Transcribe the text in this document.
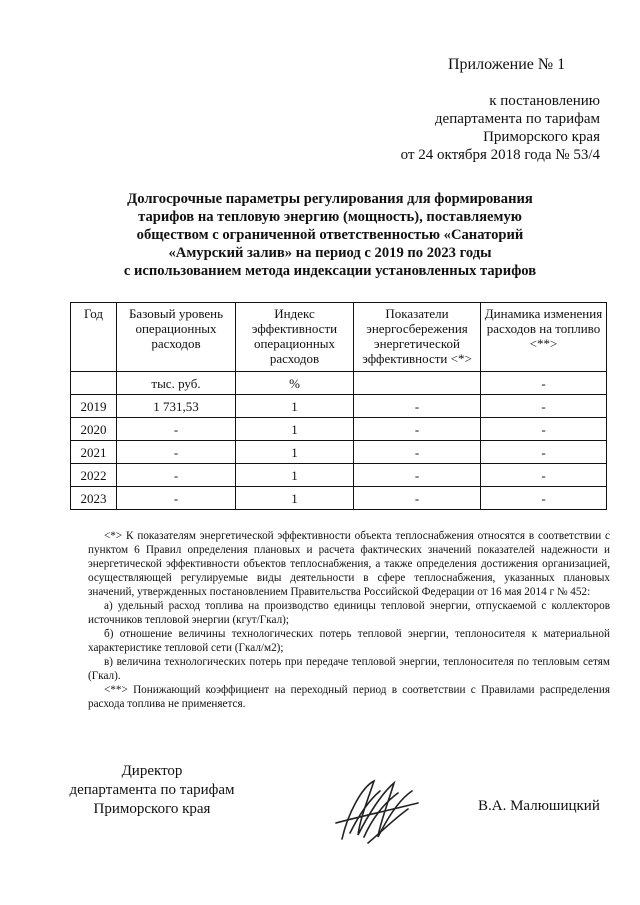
Приложение № 1
к постановлению
департамента по тарифам
Приморского края
от 24 октября 2018 года № 53/4
Долгосрочные параметры регулирования для формирования
тарифов на тепловую энергию (мощность), поставляемую
обществом с ограниченной ответственностью «Санаторий
«Амурский залив» на период с 2019 по 2023 годы
с использованием метода индексации установленных тарифов
Год	Базовый уровень операционных расходов	Индекс эффективности операционных расходов	Показатели энергосбережения энергетической эффективности <*>	Динамика изменения расходов на топливо <**>
	тыс. руб.	%		-
2019	1 731,53	1	-	-
2020	-	1	-	-
2021	-	1	-	-
2022	-	1	-	-
2023	-	1	-	-

<*> К показателям энергетической эффективности объекта теплоснабжения относятся в соответствии с пунктом 6 Правил определения плановых и расчета фактических значений показателей надежности и энергетической эффективности объектов теплоснабжения, а также определения достижения организацией, осуществляющей регулируемые виды деятельности в сфере теплоснабжения, указанных плановых значений, утвержденных постановлением Правительства Российской Федерации от 16 мая 2014 г № 452:

а) удельный расход топлива на производство единицы тепловой энергии, отпускаемой с коллекторов источников тепловой энергии (кгут/Гкал);

б) отношение величины технологических потерь тепловой энергии, теплоносителя к материальной характеристике тепловой сети (Гкал/м2);

в) величина технологических потерь при передаче тепловой энергии, теплоносителя по тепловым сетям (Гкал).

<**> Понижающий коэффициент на переходный период в соответствии с Правилами распределения расхода топлива не применяется.

Директор
департамента по тарифам
Приморского края	В.А. Малюшицкий
